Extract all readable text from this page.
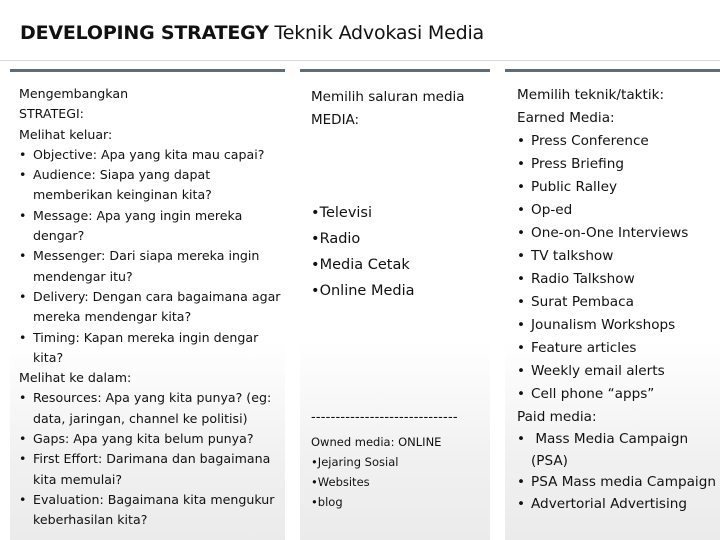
DEVELOPING STRATEGY Teknik Advokasi Media
Mengembangkan
STRATEGI:
Melihat keluar:
• Objective: Apa yang kita mau capai?
• Audience: Siapa yang dapat memberikan keinginan kita?
• Message: Apa yang ingin mereka dengar?
• Messenger: Dari siapa mereka ingin mendengar itu?
• Delivery: Dengan cara bagaimana agar mereka mendengar kita?
• Timing: Kapan mereka ingin dengar kita?
Melihat ke dalam:
• Resources: Apa yang kita punya? (eg: data, jaringan, channel ke politisi)
• Gaps: Apa yang kita belum punya?
• First Effort: Darimana dan bagaimana kita memulai?
• Evaluation: Bagaimana kita mengukur keberhasilan kita?
Memilih saluran media
MEDIA:
•Televisi
•Radio
•Media Cetak
•Online Media
------------------------------
Owned media: ONLINE
•Jejaring Sosial
•Websites
•blog
Memilih teknik/taktik:
Earned Media:
• Press Conference
• Press Briefing
• Public Ralley
• Op-ed
• One-on-One Interviews
• TV talkshow
• Radio Talkshow
• Surat Pembaca
• Jounalism Workshops
• Feature articles
• Weekly email alerts
• Cell phone “apps”
Paid media:
• Mass Media Campaign (PSA)
• PSA Mass media Campaign
• Advertorial Advertising
